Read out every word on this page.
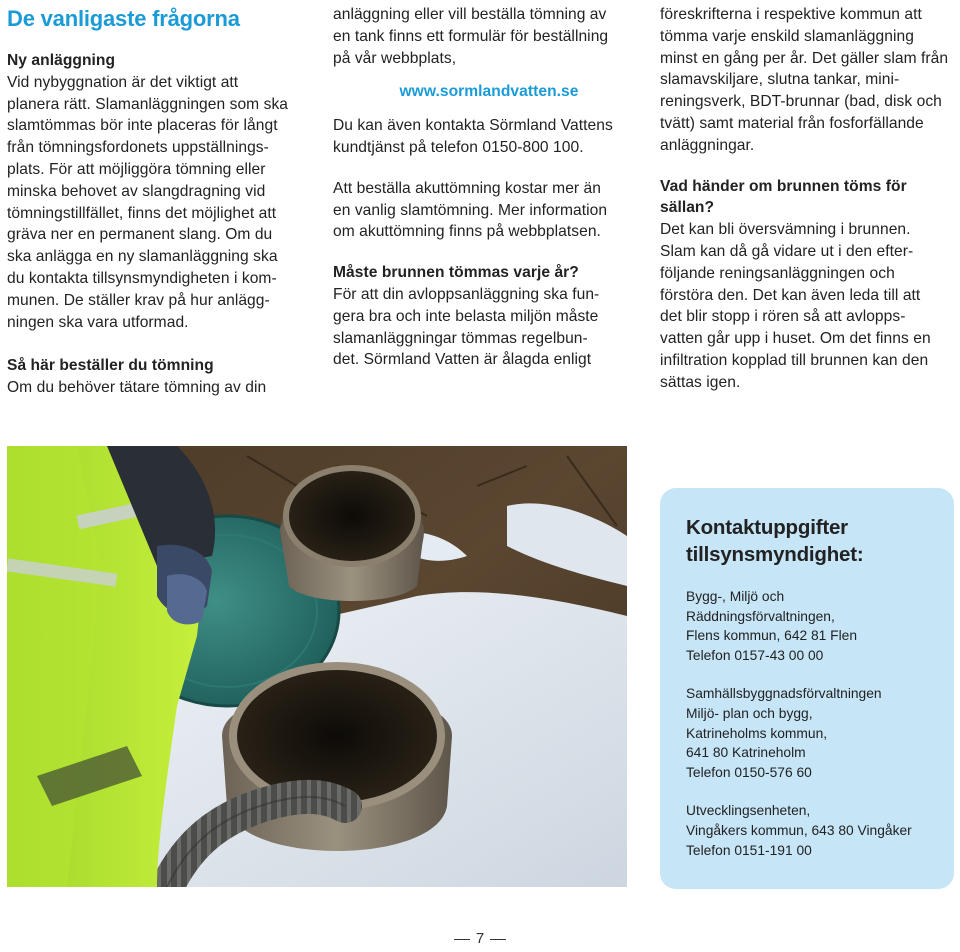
De vanligaste frågorna

Ny anläggning

Vid nybyggnation är det viktigt att

planera rätt. Slamanläggningen som ska

slamtömmas bör inte placeras för långt

från tömningsfordonets uppställnings-

plats. För att möjliggöra tömning eller

minska behovet av slangdragning vid

tömningstillfället, finns det möjlighet att

gräva ner en permanent slang. Om du

ska anlägga en ny slamanläggning ska

du kontakta tillsynsmyndigheten i kom-

munen. De ställer krav på hur anlägg-

ningen ska vara utformad.

Så här beställer du tömning

Om du behöver tätare tömning av din

anläggning eller vill beställa tömning av

en tank finns ett formulär för beställning

på vår webbplats,

www.sormlandvatten.se

Du kan även kontakta Sörmland Vattens

kundtjänst på telefon 0150-800 100.

Att beställa akuttömning kostar mer än

en vanlig slamtömning. Mer information

om akuttömning finns på webbplatsen.

Måste brunnen tömmas varje år?

För att din avloppsanläggning ska fun-

gera bra och inte belasta miljön måste

slamanläggningar tömmas regelbun-

det. Sörmland Vatten är ålagda enligt

föreskrifterna i respektive kommun att

tömma varje enskild slamanläggning

minst en gång per år. Det gäller slam från

slamavskiljare, slutna tankar, mini-

reningsverk, BDT-brunnar (bad, disk och

tvätt) samt material från fosforfällande

anläggningar.

Vad händer om brunnen töms för sällan?

Det kan bli översvämning i brunnen.

Slam kan då gå vidare ut i den efter-

följande reningsanläggningen och

förstöra den. Det kan även leda till att

det blir stopp i rören så att avlopps-

vatten går upp i huset. Om det finns en

infiltration kopplad till brunnen kan den

sättas igen.

Kontaktuppgifter
tillsynsmyndighet:
Bygg-, Miljö och
Räddningsförvaltningen,
Flens kommun, 642 81 Flen
Telefon 0157-43 00 00
Samhällsbyggnadsförvaltningen
Miljö- plan och bygg,
Katrineholms kommun,
641 80 Katrineholm
Telefon 0150-576 60
Utvecklingsenheten,
Vingåkers kommun, 643 80 Vingåker
Telefon 0151-191 00
7
